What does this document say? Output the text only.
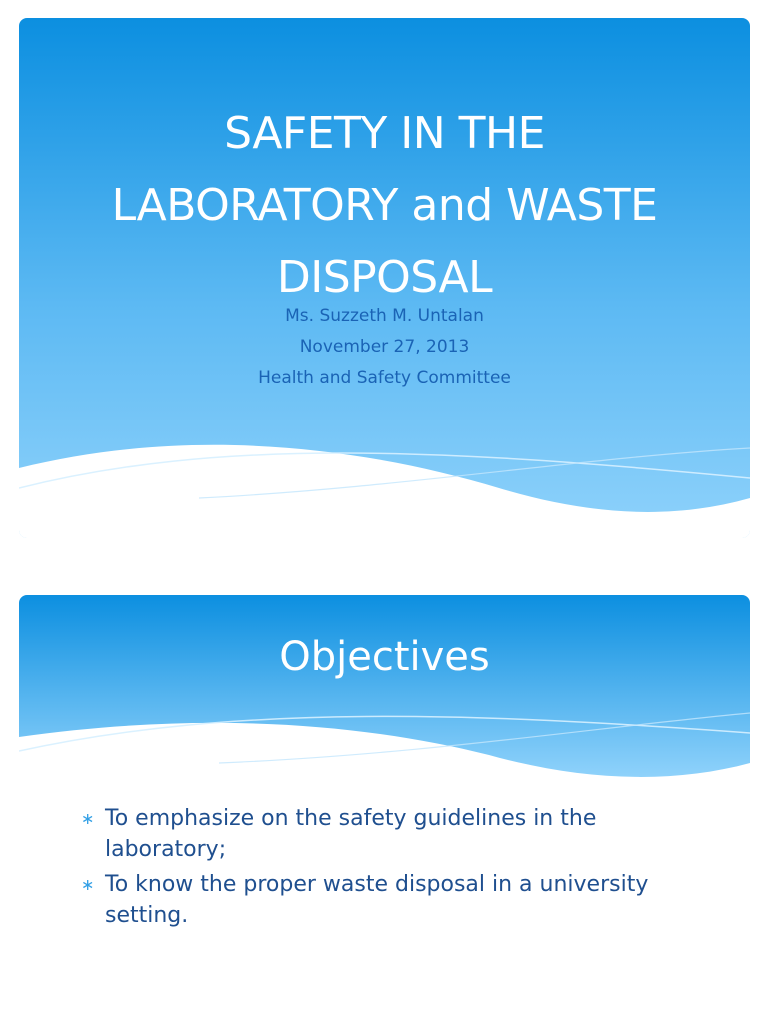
SAFETY IN THE
LABORATORY and WASTE
DISPOSAL
Ms. Suzzeth M. Untalan
November 27, 2013
Health and Safety Committee
Objectives
∗ To emphasize on the safety guidelines in the
laboratory;
∗ To know the proper waste disposal in a university
setting.
